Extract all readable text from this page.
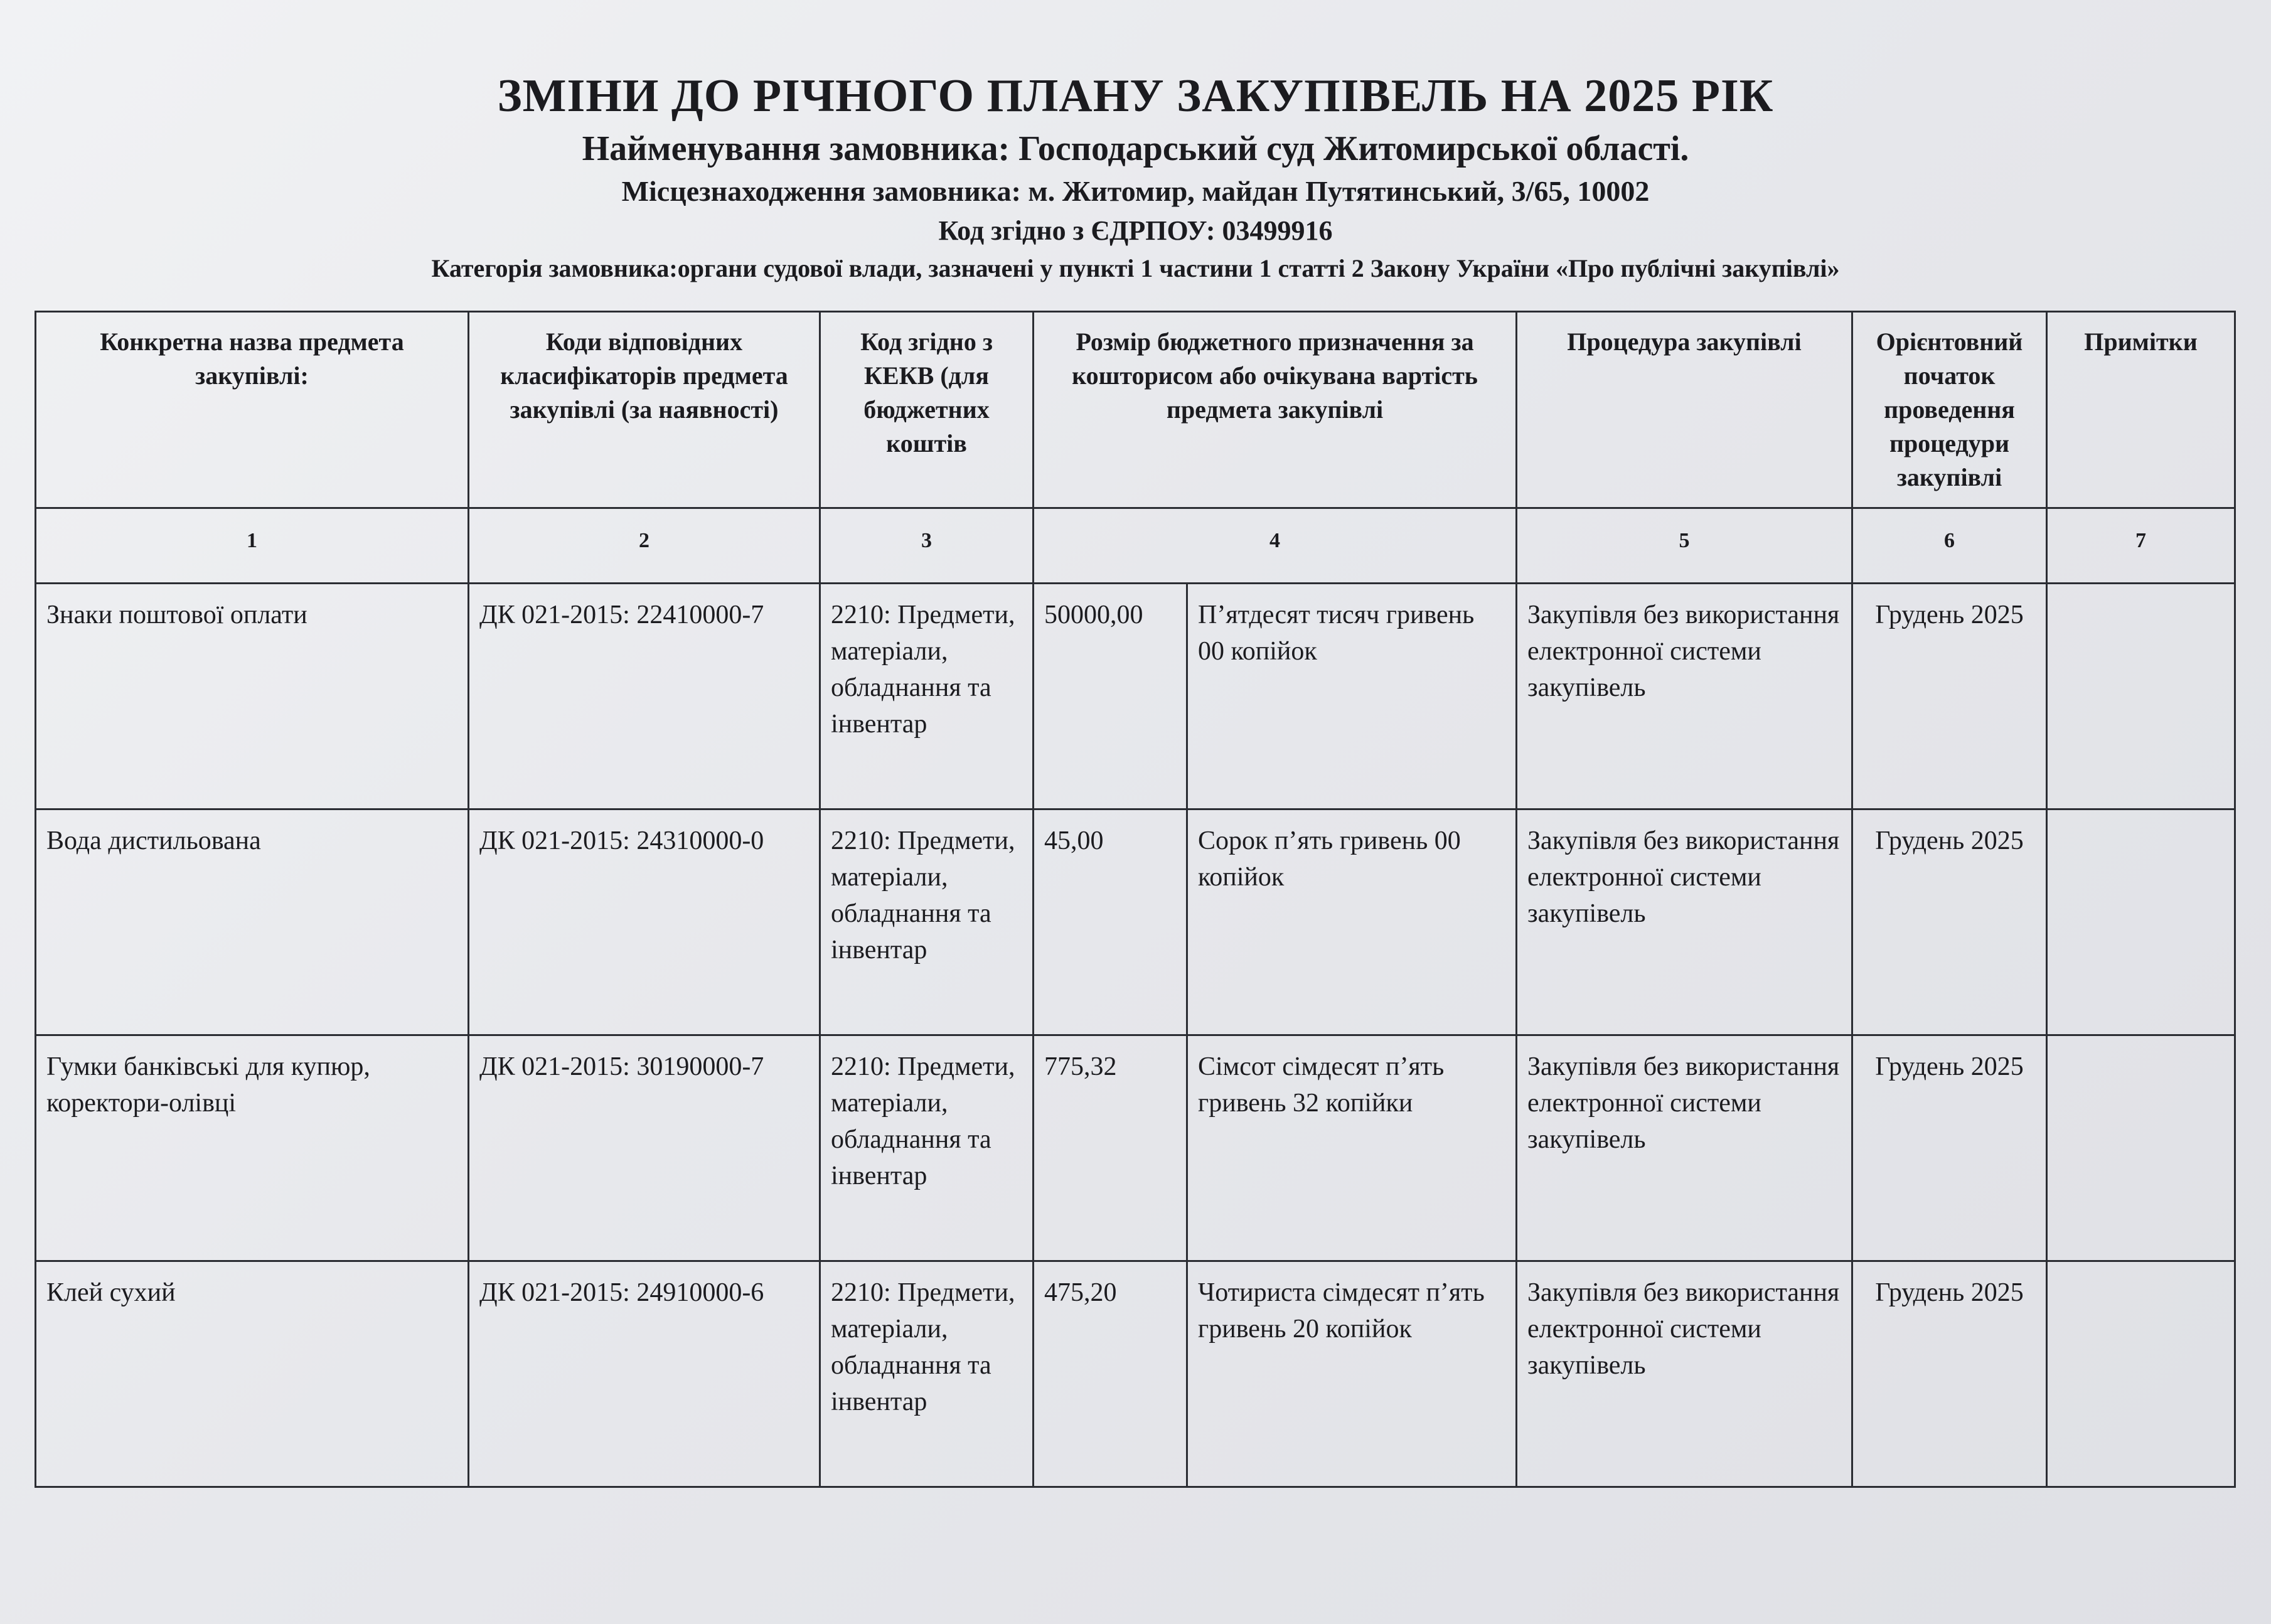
ЗМІНИ ДО РІЧНОГО ПЛАНУ ЗАКУПІВЕЛЬ НА 2025 РІК
Найменування замовника: Господарський суд Житомирської області.
Місцезнаходження замовника: м. Житомир, майдан Путятинський, 3/65, 10002
Код згідно з ЄДРПОУ: 03499916
Категорія замовника:органи судової влади, зазначені у пункті 1 частини 1 статті 2 Закону України «Про публічні закупівлі»
Конкретна назва предмета закупівлі:	Коди відповідних класифікаторів предмета закупівлі (за наявності)	Код згідно з КЕКВ (для бюджетних коштів	Розмір бюджетного призначення за кошторисом або очікувана вартість предмета закупівлі		Процедура закупівлі	Орієнтовний початок проведення процедури закупівлі	Примітки
1	2	3	4		5	6	7
Знаки поштової оплати	ДК 021-2015: 22410000-7	2210: Предмети, матеріали, обладнання та інвентар	50000,00	П’ятдесят тисяч гривень 00 копійок	Закупівля без використання електронної системи закупівель	Грудень 2025	
Вода дистильована	ДК 021-2015: 24310000-0	2210: Предмети, матеріали, обладнання та інвентар	45,00	Сорок п’ять гривень 00 копійок	Закупівля без використання електронної системи закупівель	Грудень 2025	
Гумки банківські для купюр, коректори-олівці	ДК 021-2015: 30190000-7	2210: Предмети, матеріали, обладнання та інвентар	775,32	Сімсот сімдесят п’ять гривень 32 копійки	Закупівля без використання електронної системи закупівель	Грудень 2025	
Клей сухий	ДК 021-2015: 24910000-6	2210: Предмети, матеріали, обладнання та інвентар	475,20	Чотириста сімдесят п’ять гривень 20 копійок	Закупівля без використання електронної системи закупівель	Грудень 2025	
